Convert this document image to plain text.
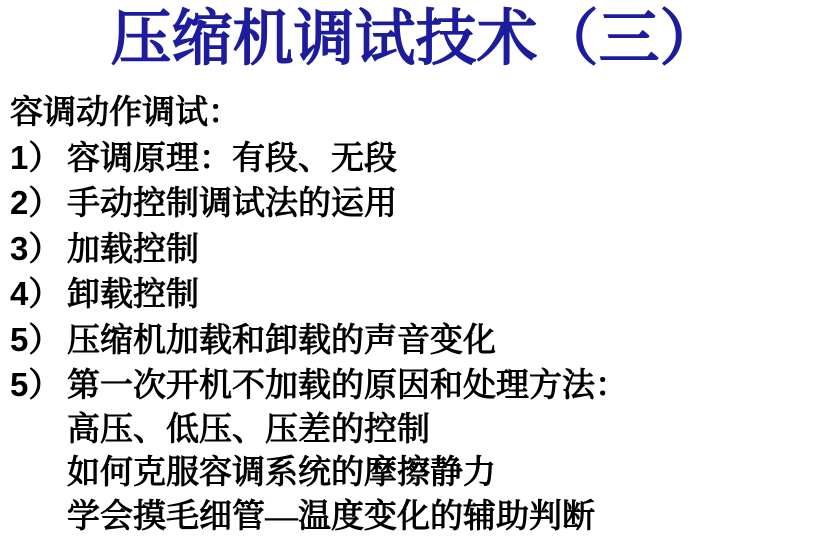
压缩机调试技术（三）
容调动作调试：
1） 容调原理：有段、无段
2） 手动控制调试法的运用
3） 加载控制
4） 卸载控制
5） 压缩机加载和卸载的声音变化
5） 第一次开机不加载的原因和处理方法：
高压、低压、压差的控制
如何克服容调系统的摩擦静力
学会摸毛细管—温度变化的辅助判断
